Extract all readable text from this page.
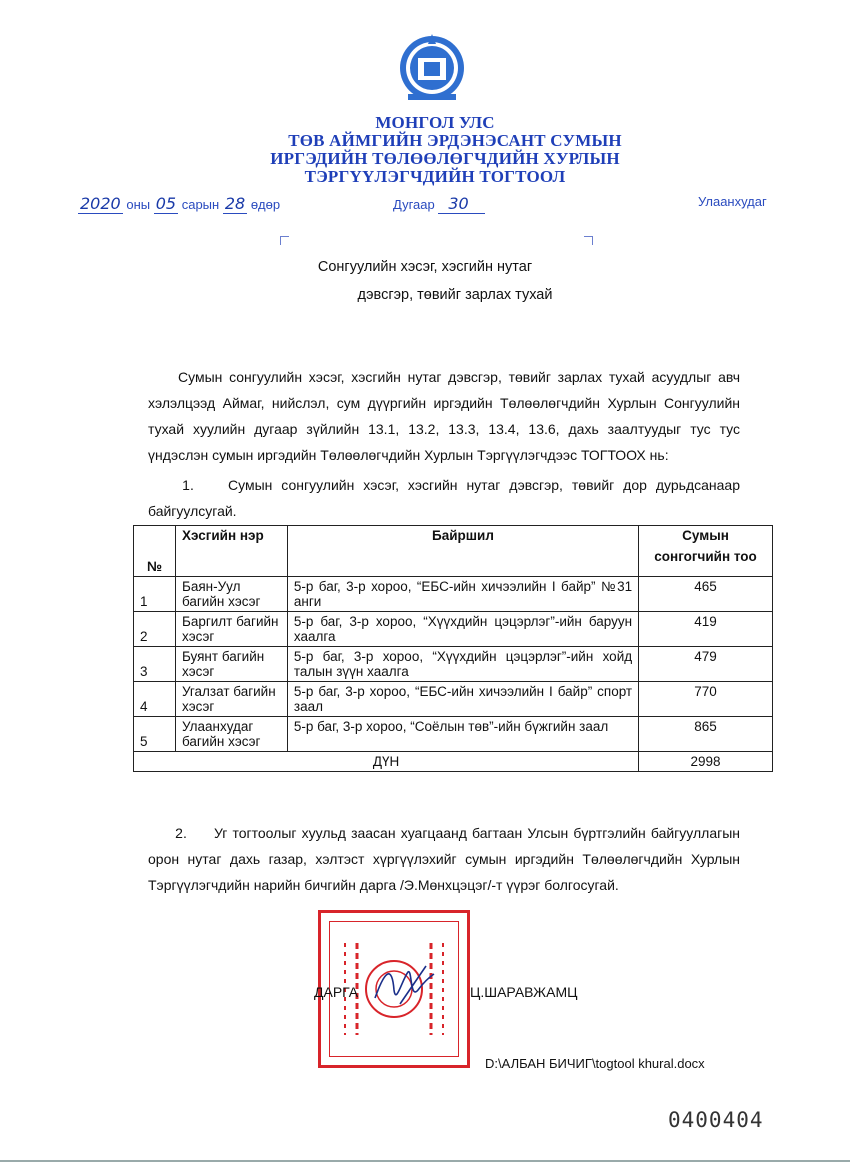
МОНГОЛ УЛС
ТӨВ АЙМГИЙН ЭРДЭНЭСАНТ СУМЫН
ИРГЭДИЙН ТӨЛӨӨЛӨГЧДИЙН ХУРЛЫН
ТЭРГҮҮЛЭГЧДИЙН ТОГТООЛ
2020 оны 05 сарын 28 өдөр	Дугаар 30	Улаанхудаг
Сонгуулийн хэсэг, хэсгийн нутаг
дэвсгэр, төвийг зарлах тухай
Сумын сонгуулийн хэсэг, хэсгийн нутаг дэвсгэр, төвийг зарлах тухай асуудлыг авч хэлэлцээд Аймаг, нийслэл, сум дүүргийн иргэдийн Төлөөлөгчдийн Хурлын Сонгуулийн тухай хуулийн дугаар зүйлийн 13.1, 13.2, 13.3, 13.4, 13.6, дахь заалтуудыг тус тус үндэслэн сумын иргэдийн Төлөөлөгчдийн Хурлын Тэргүүлэгчдээс ТОГТООХ нь:
1. Сумын сонгуулийн хэсэг, хэсгийн нутаг дэвсгэр, төвийг дор дурьдсанаар байгуулсугай.
№	Хэсгийн нэр	Байршил	Сумын
сонгогчийн тоо

1	Баян-Уул багийн хэсэг	5-р баг, 3-р хороо, “ЕБС-ийн хичээлийн I байр” №31 анги	465
2	Баргилт багийн хэсэг	5-р баг, 3-р хороо, “Хүүхдийн цэцэрлэг”-ийн баруун хаалга	419
3	Буянт багийн хэсэг	5-р баг, 3-р хороо, “Хүүхдийн цэцэрлэг”-ийн хойд талын зүүн хаалга	479
4	Угалзат багийн хэсэг	5-р баг, 3-р хороо, “ЕБС-ийн хичээлийн I байр” спорт заал	770
5	Улаанхудаг багийн хэсэг	5-р баг, 3-р хороо, “Соёлын төв”-ийн бүжгийн заал	865
ДҮН			2998
2. Уг тогтоолыг хуульд заасан хуагцаанд багтаан Улсын бүртгэлийн байгууллагын орон нутаг дахь газар, хэлтэст хүргүүлэхийг сумын иргэдийн Төлөөлөгчдийн Хурлын Тэргүүлэгчдийн нарийн бичгийн дарга /Э.Мөнхцэцэг/-т үүрэг болгосугай.
ДАРГА	Ц.ШАРАВЖАМЦ
D:\АЛБАН БИЧИГ\togtool khural.docx
0400404
